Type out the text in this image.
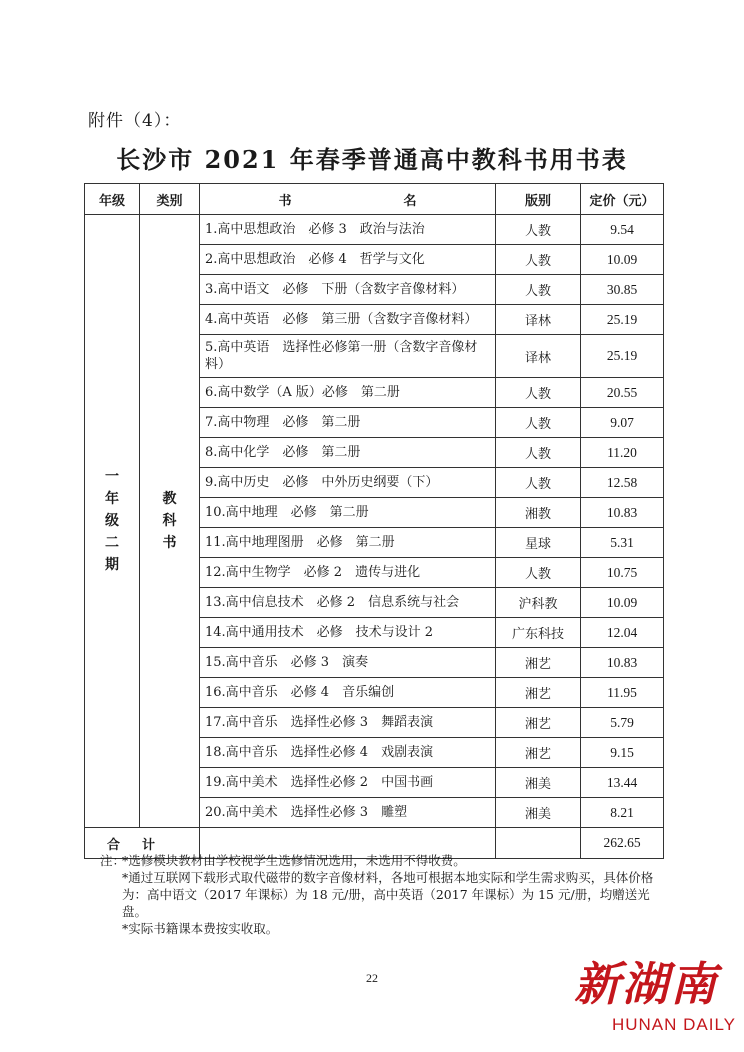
附件（4）：
长沙市 2021 年春季普通高中教科书用书表
年级	类别	书 名	版别	定价（元）

一
年
级
二
期	教
科
书	1.高中思想政治　必修 3　政治与法治	人教	9.54
		2.高中思想政治　必修 4　哲学与文化	人教	10.09
		3.高中语文　必修　下册（含数字音像材料）	人教	30.85
		4.高中英语　必修　第三册（含数字音像材料）	译林	25.19
		5.高中英语　选择性必修第一册（含数字音像材料）	译林	25.19
		6.高中数学（A 版）必修　第二册	人教	20.55
		7.高中物理　必修　第二册	人教	9.07
		8.高中化学　必修　第二册	人教	11.20
		9.高中历史　必修　中外历史纲要（下）	人教	12.58
		10.高中地理　必修　第二册	湘教	10.83
		11.高中地理图册　必修　第二册	星球	5.31
		12.高中生物学　必修 2　遗传与进化	人教	10.75
		13.高中信息技术　必修 2　信息系统与社会	沪科教	10.09
		14.高中通用技术　必修　技术与设计 2	广东科技	12.04
		15.高中音乐　必修 3　演奏	湘艺	10.83
		16.高中音乐　必修 4　音乐编创	湘艺	11.95
		17.高中音乐　选择性必修 3　舞蹈表演	湘艺	5.79
		18.高中音乐　选择性必修 4　戏剧表演	湘艺	9.15
		19.高中美术　选择性必修 2　中国书画	湘美	13.44
		20.高中美术　选择性必修 3　雕塑	湘美	8.21
合计				262.65
注：
*选修模块教材由学校视学生选修情况选用，未选用不得收费。
*通过互联网下载形式取代磁带的数字音像材料，各地可根据本地实际和学生需求购买，具体价格为：高中语文（2017 年课标）为 18 元/册，高中英语（2017 年课标）为 15 元/册，均赠送光盘。
*实际书籍课本费按实收取。
22	新湖南
HUNAN DAILY
